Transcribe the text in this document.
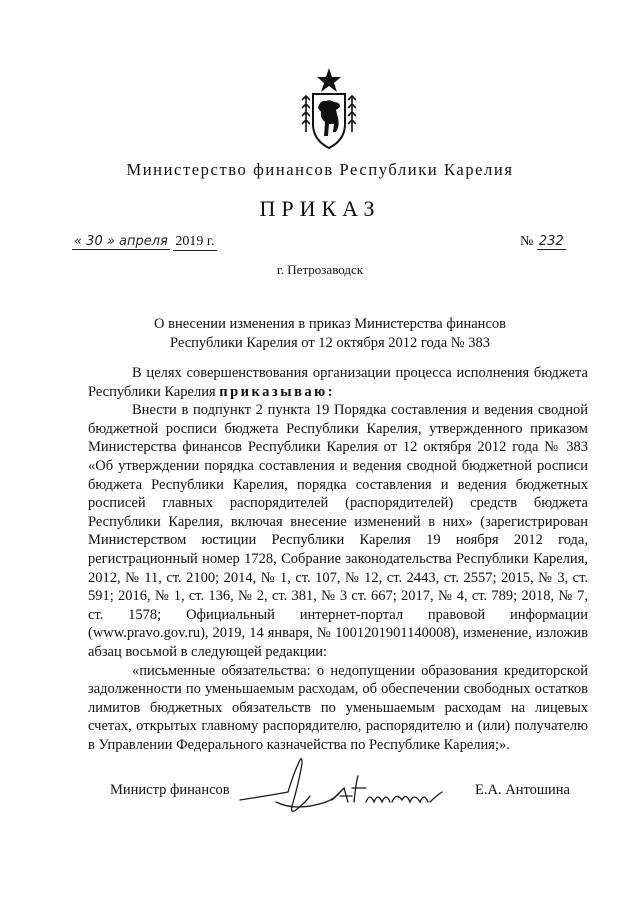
Министерство финансов Республики Карелия
ПРИКАЗ
« 30 » апреля 2019 г.	№ 232
г. Петрозаводск
О внесении изменения в приказ Министерства финансов
Республики Карелия от 12 октября 2012 года № 383

В целях совершенствования организации процесса исполнения бюджета Республики Карелия приказываю:

Внести в подпункт 2 пункта 19 Порядка составления и ведения сводной бюджетной росписи бюджета Республики Карелия, утвержденного приказом Министерства финансов Республики Карелия от 12 октября 2012 года № 383 «Об утверждении порядка составления и ведения сводной бюджетной росписи бюджета Республики Карелия, порядка составления и ведения бюджетных росписей главных распорядителей (распорядителей) средств бюджета Республики Карелия, включая внесение изменений в них» (зарегистрирован Министерством юстиции Республики Карелия 19 ноября 2012 года, регистрационный номер 1728, Собрание законодательства Республики Карелия, 2012, № 11, ст. 2100; 2014, № 1, ст. 107, № 12, ст. 2443, ст. 2557; 2015, № 3, ст. 591; 2016, № 1, ст. 136, № 2, ст. 381, № 3 ст. 667; 2017, № 4, ст. 789; 2018, № 7, ст. 1578; Официальный интернет-портал правовой информации (www.pravo.gov.ru), 2019, 14 января, № 1001201901140008), изменение, изложив абзац восьмой в следующей редакции:

«письменные обязательства: о недопущении образования кредиторской задолженности по уменьшаемым расходам, об обеспечении свободных остатков лимитов бюджетных обязательств по уменьшаемым расходам на лицевых счетах, открытых главному распорядителю, распорядителю и (или) получателю в Управлении Федерального казначейства по Республике Карелия;».

Министр финансов	Е.А. Антошина
